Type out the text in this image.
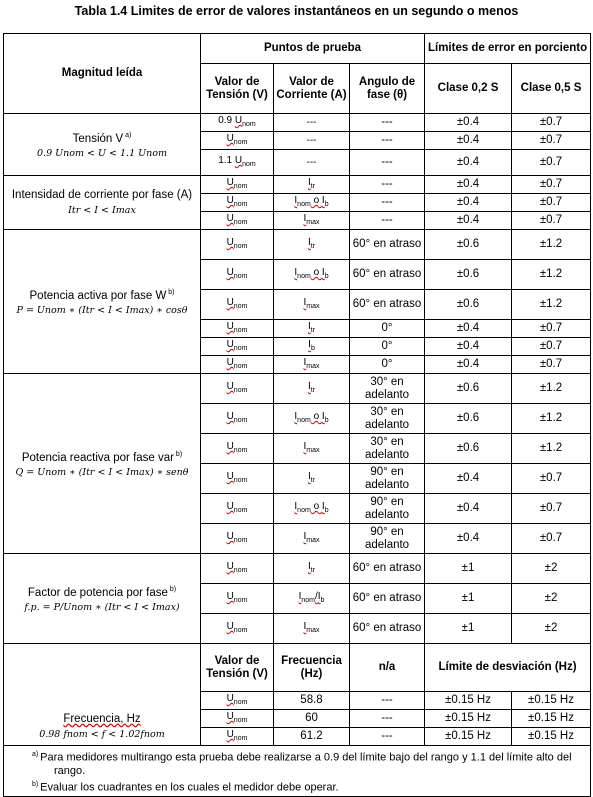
Tabla 1.4 Limites de error de valores instantáneos en un segundo o menos
Magnitud leída	Puntos de prueba			Límites de error en porciento	
	Valor de Tensión (V)	Valor de Corriente (A)	Angulo de fase (θ)	Clase 0,2 S	Clase 0,5 S
Tensión V $^{a)}$
0.9 Unom < U < 1.1 Unom	0.9 $U_{nom}$	---	---	±0.4	±0.7
	$U_{nom}$	---	---	±0.4	±0.7
	1.1 $U_{nom}$	---	---	±0.4	±0.7
Intensidad de corriente por fase (A)
Itr < I < Imax	$U_{nom}$	$I_{tr}$	---	±0.4	±0.7
	$U_{nom}$	$I_{nom}$ o $I_b$	---	±0.4	±0.7
	$U_{nom}$	$I_{max}$	---	±0.4	±0.7
Potencia activa por fase W $^{b)}$
P = Unom ∗ (Itr < I < Imax) ∗ cosθ	$U_{nom}$	$I_{tr}$	60° en atraso	±0.6	±1.2
	$U_{nom}$	$I_{nom}$ o $I_b$	60° en atraso	±0.6	±1.2
	$U_{nom}$	$I_{max}$	60° en atraso	±0.6	±1.2
	$U_{nom}$	$I_{tr}$	0°	±0.4	±0.7
	$U_{nom}$	$I_b$	0°	±0.4	±0.7
	$U_{nom}$	$I_{max}$	0°	±0.4	±0.7
Potencia reactiva por fase var $^{b)}$
Q = Unom ∗ (Itr < I < Imax) ∗ senθ	$U_{nom}$	$I_{tr}$	30° en adelanto	±0.6	±1.2
	$U_{nom}$	$I_{nom}$ o $I_b$	30° en adelanto	±0.6	±1.2
	$U_{nom}$	$I_{max}$	30° en adelanto	±0.6	±1.2
	$U_{nom}$	$I_{tr}$	90° en adelanto	±0.4	±0.7
	$U_{nom}$	$I_{nom}$ o $I_b$	90° en adelanto	±0.4	±0.7
	$U_{nom}$	$I_{max}$	90° en adelanto	±0.4	±0.7
Factor de potencia por fase $^{b)}$
f.p. = P/Unom ∗ (Itr < I < Imax)	$U_{nom}$	$I_{tr}$	60° en atraso	±1	±2
	$U_{nom}$	$I_{nom}/I_b$	60° en atraso	±1	±2
	$U_{nom}$	$I_{max}$	60° en atraso	±1	±2
Frecuencia, Hz
0.98 fnom < f < 1.02fnom	Valor de Tensión (V)	Frecuencia (Hz)	n/a	Límite de desviación (Hz)	
	$U_{nom}$	58.8	---	±0.15 Hz	±0.15 Hz
	$U_{nom}$	60	---	±0.15 Hz	±0.15 Hz
	$U_{nom}$	61.2	---	±0.15 Hz	±0.15 Hz

$^{a)}$ Para medidores multirango esta prueba debe realizarse a 0.9 del límite bajo del rango y 1.1 del límite alto del rango.
$^{b)}$ Evaluar los cuadrantes en los cuales el medidor debe operar.					
